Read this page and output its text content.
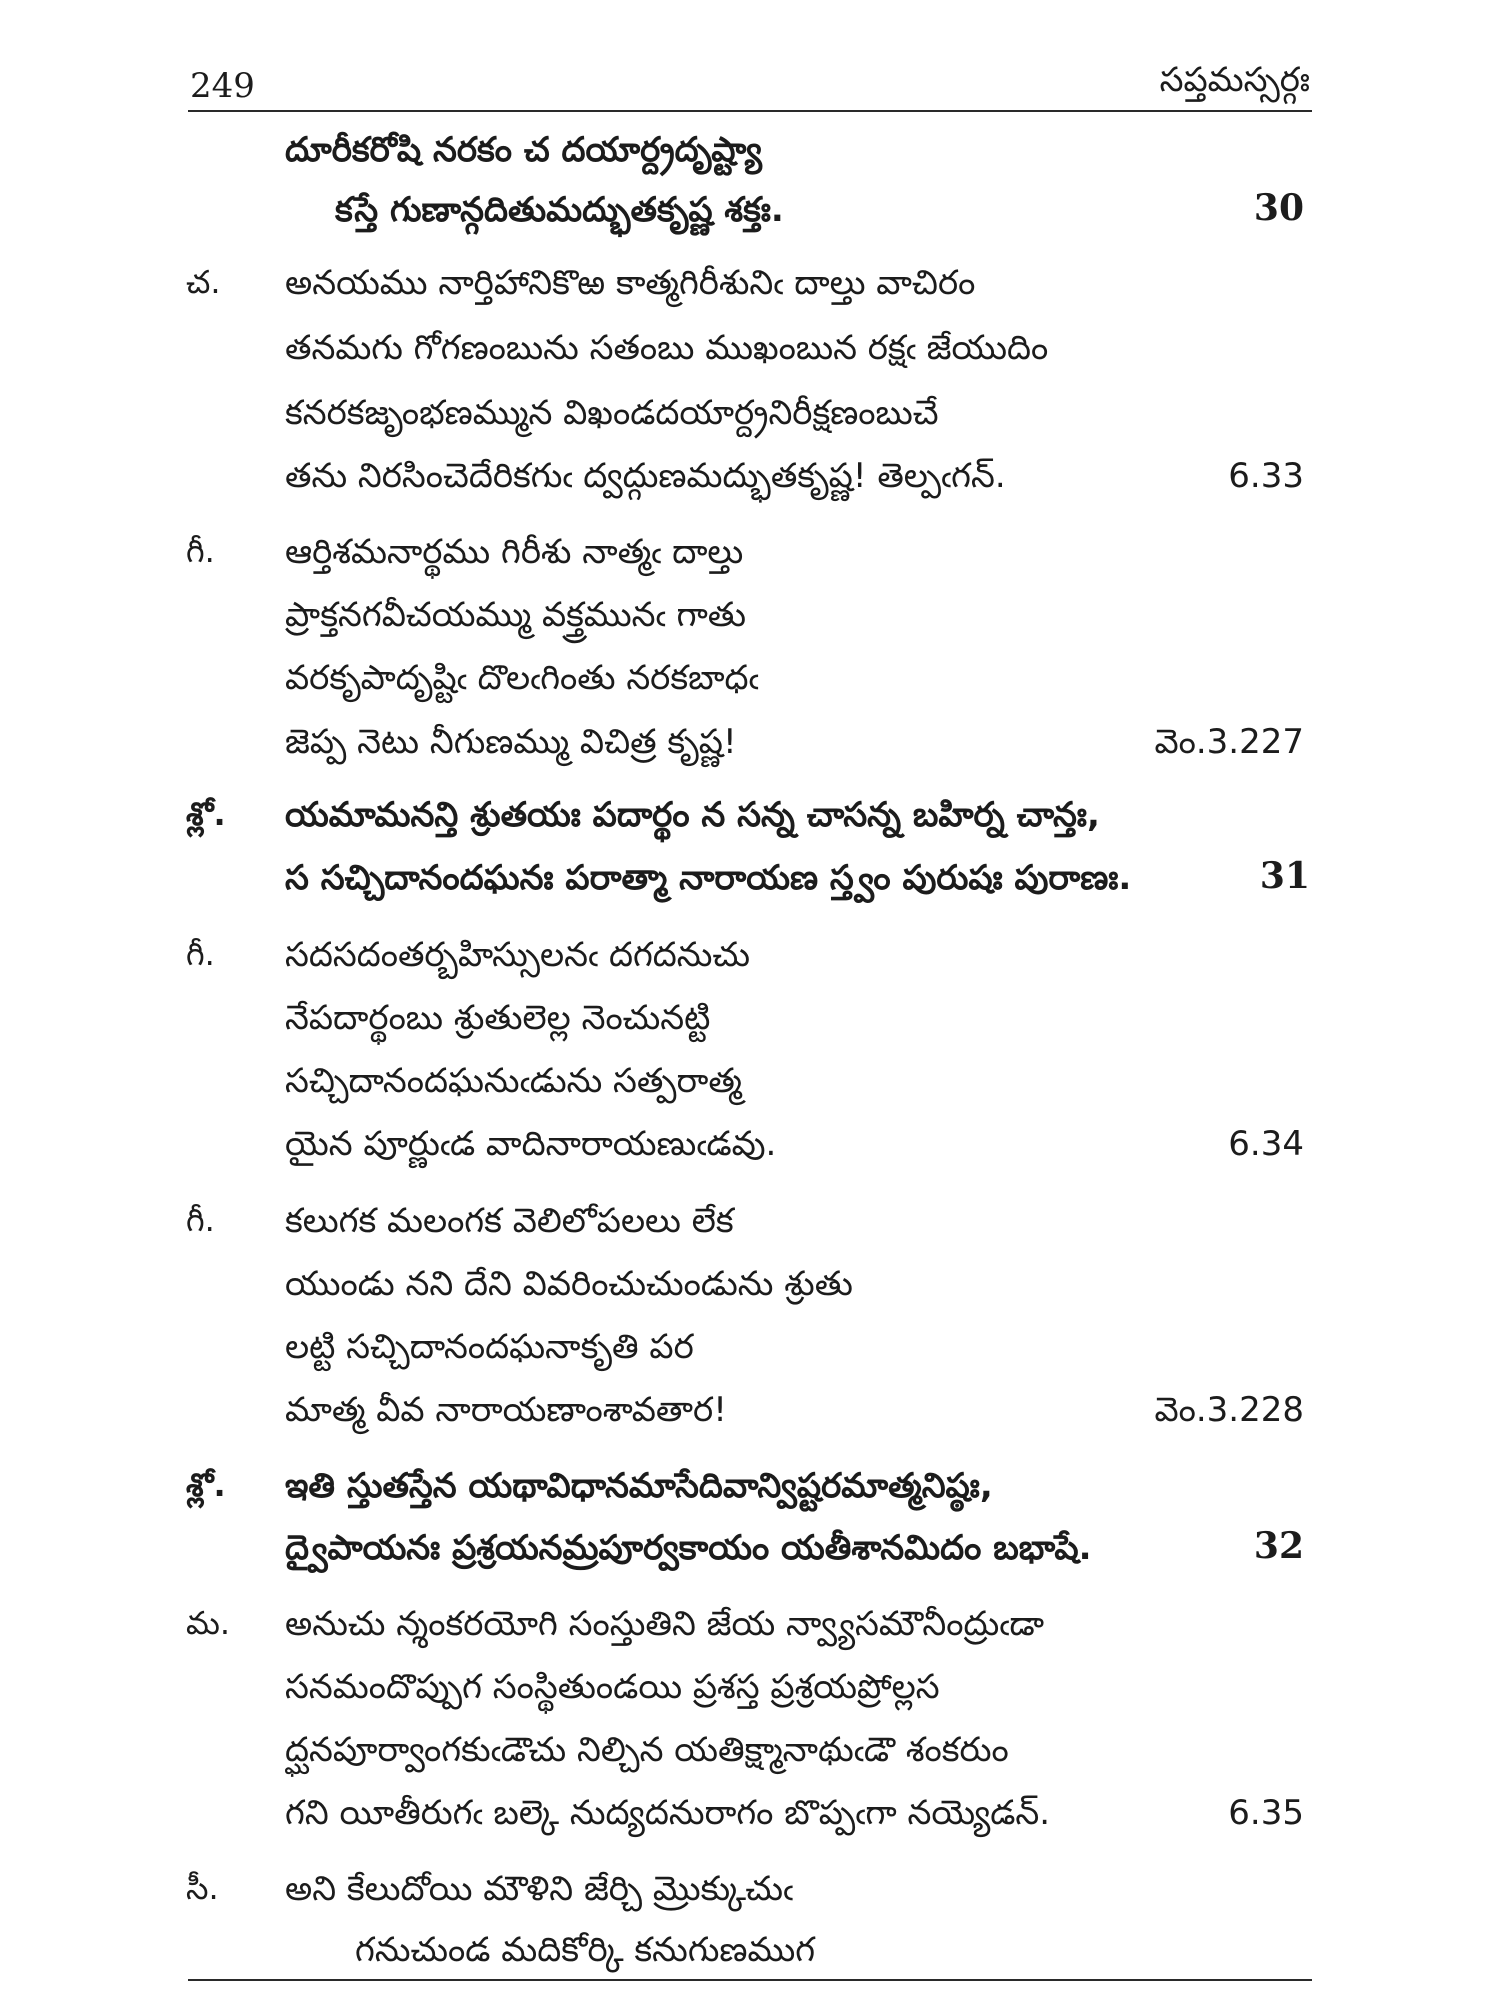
249	సప్తమస్సర్గః
దూరీకరోషి నరకం చ దయార్ద్రదృష్ట్యా
కస్తే గుణాన్గదితుమద్భుతకృష్ణ శక్తః.	30
చ. అనయము నార్తిహానికొఱ కాత్మగిరీశునిఁ దాల్తు వాచిరం
తనమగు గోగణంబును సతంబు ముఖంబున రక్షఁ జేయుదిం
కనరకజృంభణమ్మున విఖండదయార్ద్రనిరీక్షణంబుచే
తను నిరసించెదేరికగుఁ ద్వద్గుణమద్భుతకృష్ణ! తెల్పఁగన్.	6.33
గీ. ఆర్తిశమనార్థము గిరీశు నాత్మఁ దాల్తు
ప్రాక్తనగవీచయమ్ము వక్త్రమునఁ గాతు
వరకృపాదృష్టిఁ దొలఁగింతు నరకబాధఁ
జెప్ప నెటు నీగుణమ్ము విచిత్ర కృష్ణ!	వెం.3.227
శ్లో. యమామనన్తి శ్రుతయః పదార్థం న సన్న చాసన్న బహిర్న చాన్తః,
స సచ్చిదానందఘనః పరాత్మా నారాయణ స్త్వం పురుషః పురాణః.	31
గీ. సదసదంతర్బహిస్సులనఁ దగదనుచు
నేపదార్థంబు శ్రుతులెల్ల నెంచునట్టి
సచ్చిదానందఘనుఁడును సత్పరాత్మ
యైన పూర్ణుఁడ వాదినారాయణుఁడవు.	6.34
గీ. కలుగక మలంగక వెలిలోపలలు లేక
యుండు నని దేని వివరించుచుండును శ్రుతు
లట్టి సచ్చిదానందఘనాకృతి పర
మాత్మ వీవ నారాయణాంశావతార!	వెం.3.228
శ్లో. ఇతి స్తుతస్తేన యథావిధానమాసేదివాన్విష్టరమాత్మనిష్ఠః,
ద్వైపాయనః ప్రశ్రయనమ్రపూర్వకాయం యతీశానమిదం బభాషే.	32
మ. అనుచు న్శంకరయోగి సంస్తుతిని జేయ న్వ్యాసమౌనీంద్రుఁడా
సనమందొప్పుగ సంస్థితుండయి ప్రశస్త ప్రశ్రయప్రోల్లస
ద్ఘనపూర్వాంగకుఁడౌచు నిల్చిన యతిక్ష్మానాథుఁడౌ శంకరుం
గని యీతీరుగఁ బల్కె నుద్యదనురాగం బొప్పఁగా నయ్యెడన్.	6.35
సీ. అని కేలుదోయి మౌళిని జేర్చి మ్రొక్కుచుఁ
గనుచుండ మదికోర్కి కనుగుణముగ
